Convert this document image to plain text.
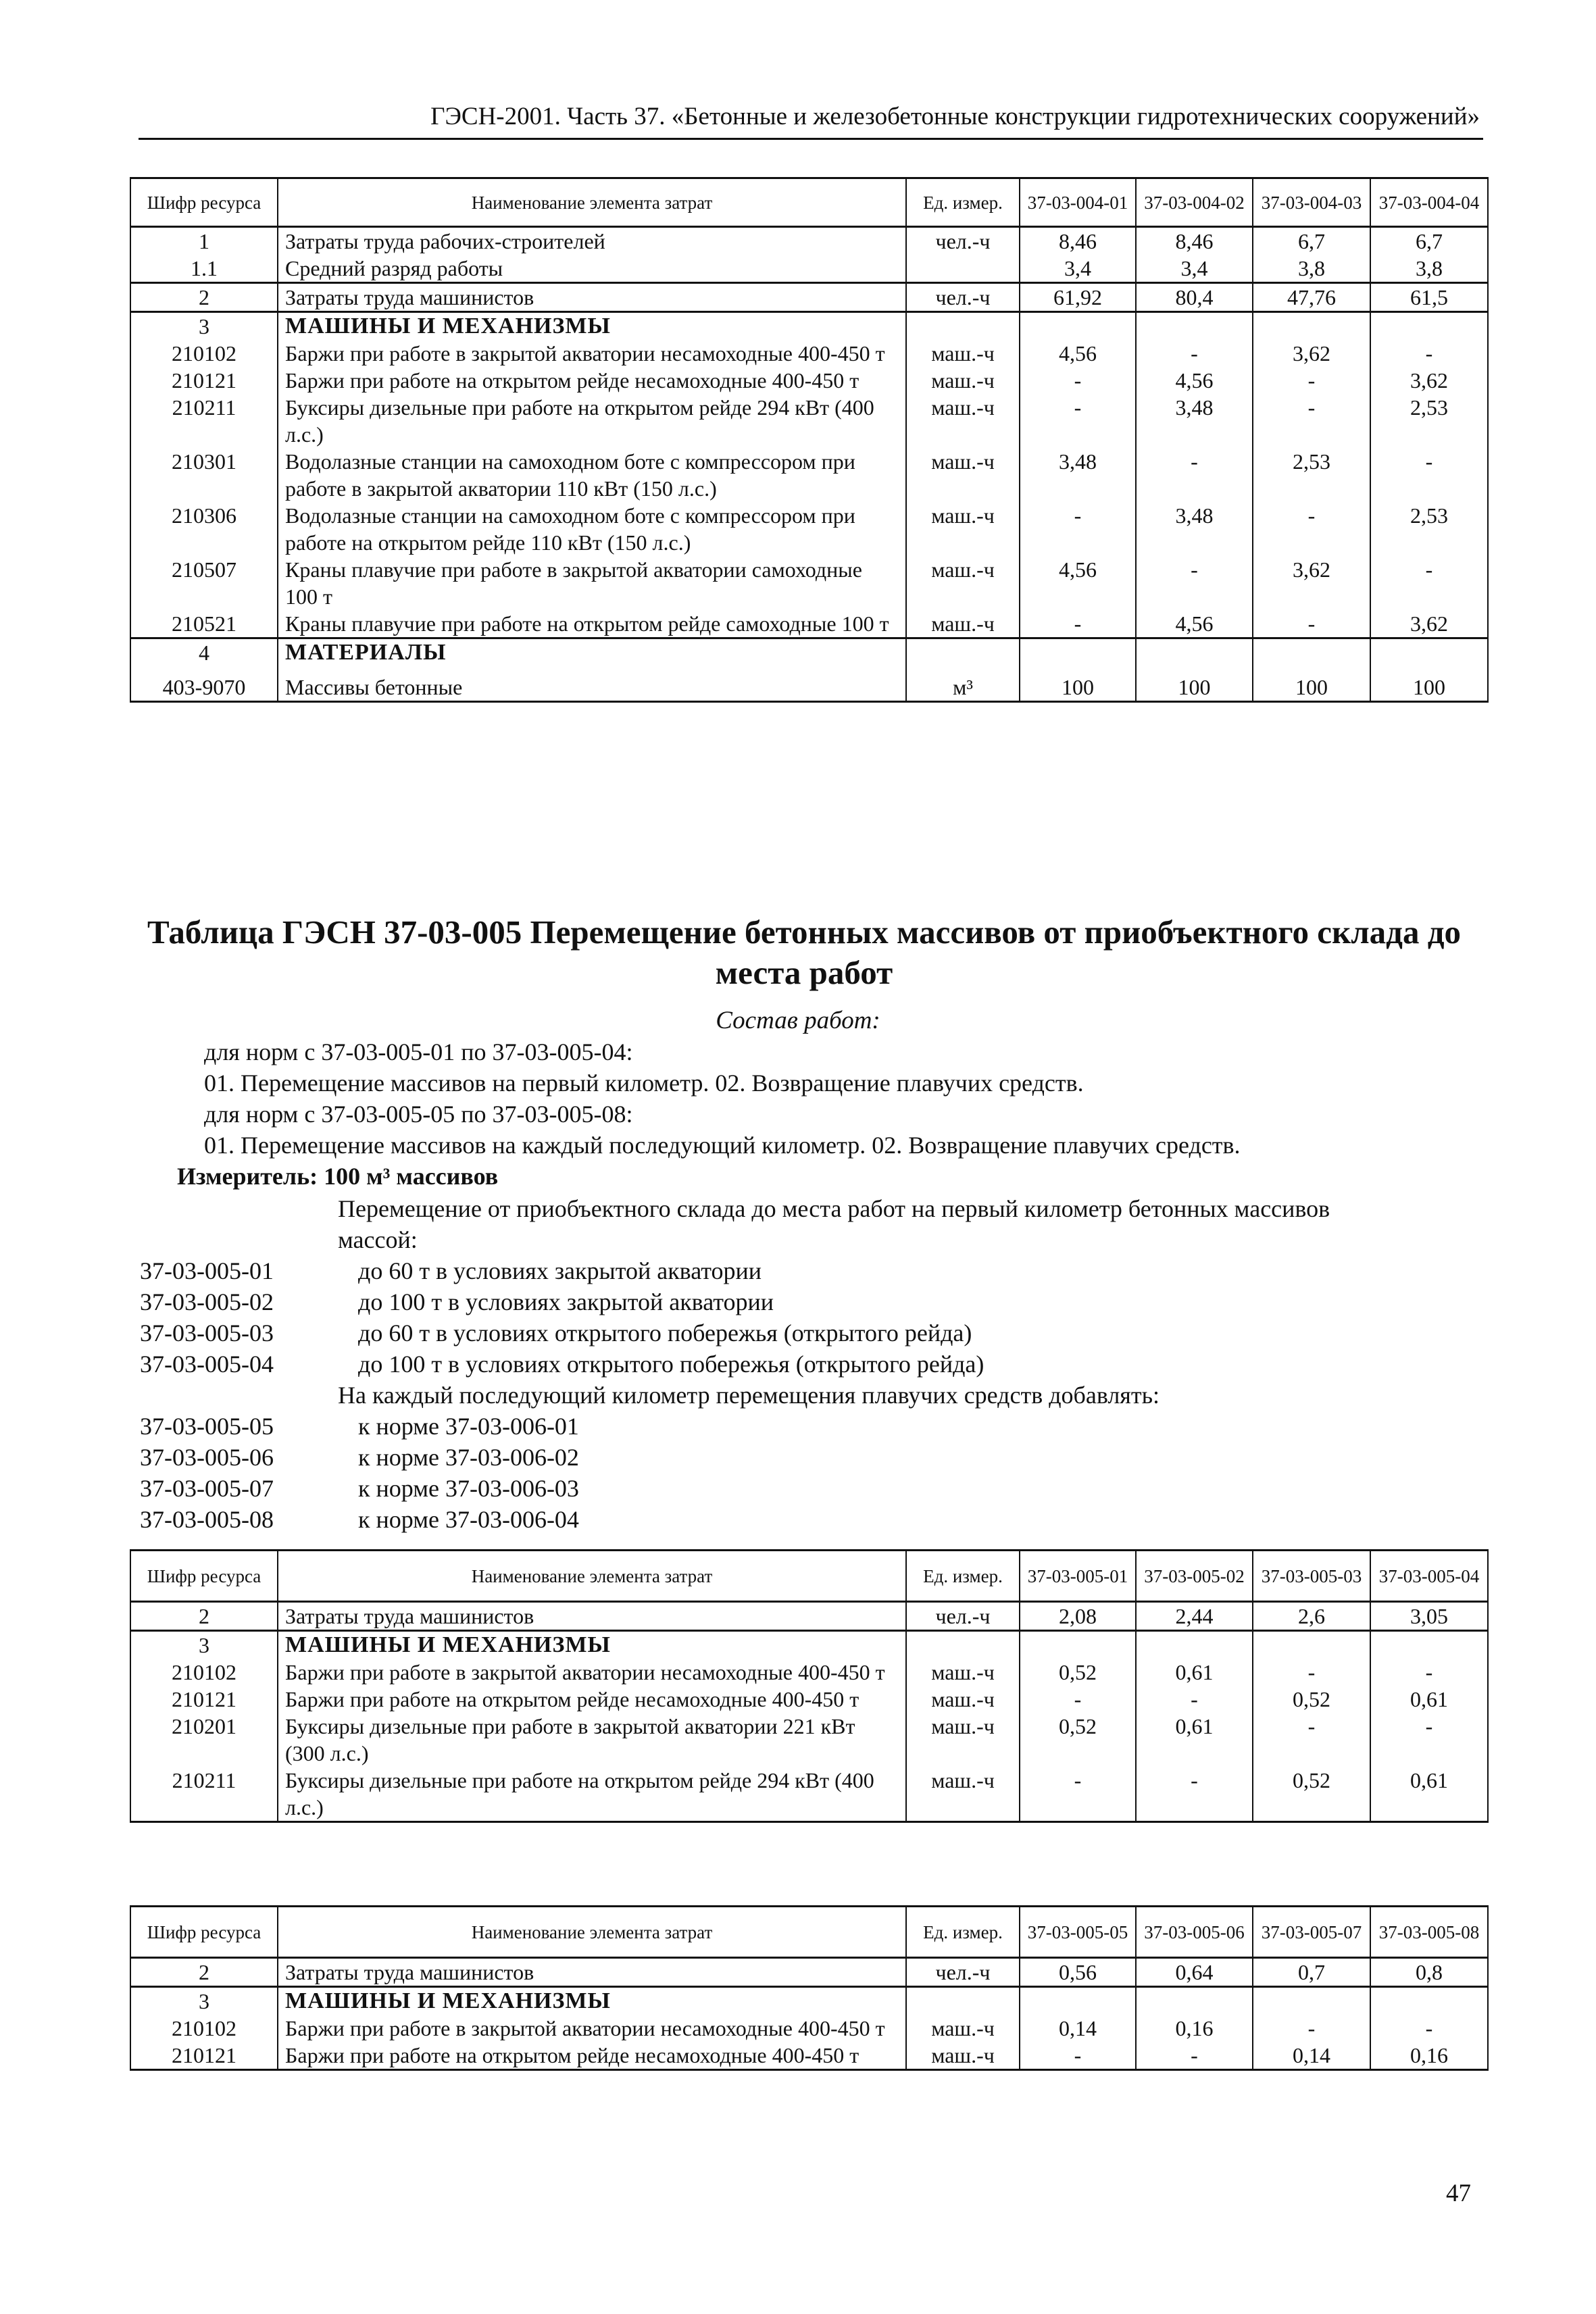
ГЭСН-2001. Часть 37. «Бетонные и железобетонные конструкции гидротехнических сооружений»
Шифр ресурса	Наименование элемента затрат	Ед. измер.	37-03-004-01	37-03-004-02	37-03-004-03	37-03-004-04
1	Затраты труда рабочих-строителей	чел.-ч	8,46	8,46	6,7	6,7
1.1	Средний разряд работы		3,4	3,4	3,8	3,8
2	Затраты труда машинистов	чел.-ч	61,92	80,4	47,76	61,5
3	МАШИНЫ И МЕХАНИЗМЫ					
210102	Баржи при работе в закрытой акватории несамоходные 400-450 т	маш.-ч	4,56	-	3,62	-
210121	Баржи при работе на открытом рейде несамоходные 400-450 т	маш.-ч	-	4,56	-	3,62
210211	Буксиры дизельные при работе на открытом рейде 294 кВт (400 л.с.)	маш.-ч	-	3,48	-	2,53
210301	Водолазные станции на самоходном боте с компрессором при работе в закрытой акватории 110 кВт (150 л.с.)	маш.-ч	3,48	-	2,53	-
210306	Водолазные станции на самоходном боте с компрессором при работе на открытом рейде 110 кВт (150 л.с.)	маш.-ч	-	3,48	-	2,53
210507	Краны плавучие при работе в закрытой акватории самоходные 100 т	маш.-ч	4,56	-	3,62	-
210521	Краны плавучие при работе на открытом рейде самоходные 100 т	маш.-ч	-	4,56	-	3,62
4	МАТЕРИАЛЫ					
403-9070	Массивы бетонные	м³	100	100	100	100
Таблица ГЭСН 37-03-005 Перемещение бетонных массивов от приобъектного склада до места работ
Состав работ:
для норм с 37-03-005-01 по 37-03-005-04:
01. Перемещение массивов на первый километр. 02. Возвращение плавучих средств.
для норм с 37-03-005-05 по 37-03-005-08:
01. Перемещение массивов на каждый последующий километр. 02. Возвращение плавучих средств.
Измеритель: 100 м³ массивов
Перемещение от приобъектного склада до места работ на первый километр бетонных массивов
массой:
37-03-005-01	до 60 т в условиях закрытой акватории
37-03-005-02	до 100 т в условиях закрытой акватории
37-03-005-03	до 60 т в условиях открытого побережья (открытого рейда)
37-03-005-04	до 100 т в условиях открытого побережья (открытого рейда)
На каждый последующий километр перемещения плавучих средств добавлять:
37-03-005-05	к норме 37-03-006-01
37-03-005-06	к норме 37-03-006-02
37-03-005-07	к норме 37-03-006-03
37-03-005-08	к норме 37-03-006-04
Шифр ресурса	Наименование элемента затрат	Ед. измер.	37-03-005-01	37-03-005-02	37-03-005-03	37-03-005-04
2	Затраты труда машинистов	чел.-ч	2,08	2,44	2,6	3,05
3	МАШИНЫ И МЕХАНИЗМЫ					
210102	Баржи при работе в закрытой акватории несамоходные 400-450 т	маш.-ч	0,52	0,61	-	-
210121	Баржи при работе на открытом рейде несамоходные 400-450 т	маш.-ч	-	-	0,52	0,61
210201	Буксиры дизельные при работе в закрытой акватории 221 кВт (300 л.с.)	маш.-ч	0,52	0,61	-	-
210211	Буксиры дизельные при работе на открытом рейде 294 кВт (400 л.с.)	маш.-ч	-	-	0,52	0,61
Шифр ресурса	Наименование элемента затрат	Ед. измер.	37-03-005-05	37-03-005-06	37-03-005-07	37-03-005-08
2	Затраты труда машинистов	чел.-ч	0,56	0,64	0,7	0,8
3	МАШИНЫ И МЕХАНИЗМЫ					
210102	Баржи при работе в закрытой акватории несамоходные 400-450 т	маш.-ч	0,14	0,16	-	-
210121	Баржи при работе на открытом рейде несамоходные 400-450 т	маш.-ч	-	-	0,14	0,16
47
